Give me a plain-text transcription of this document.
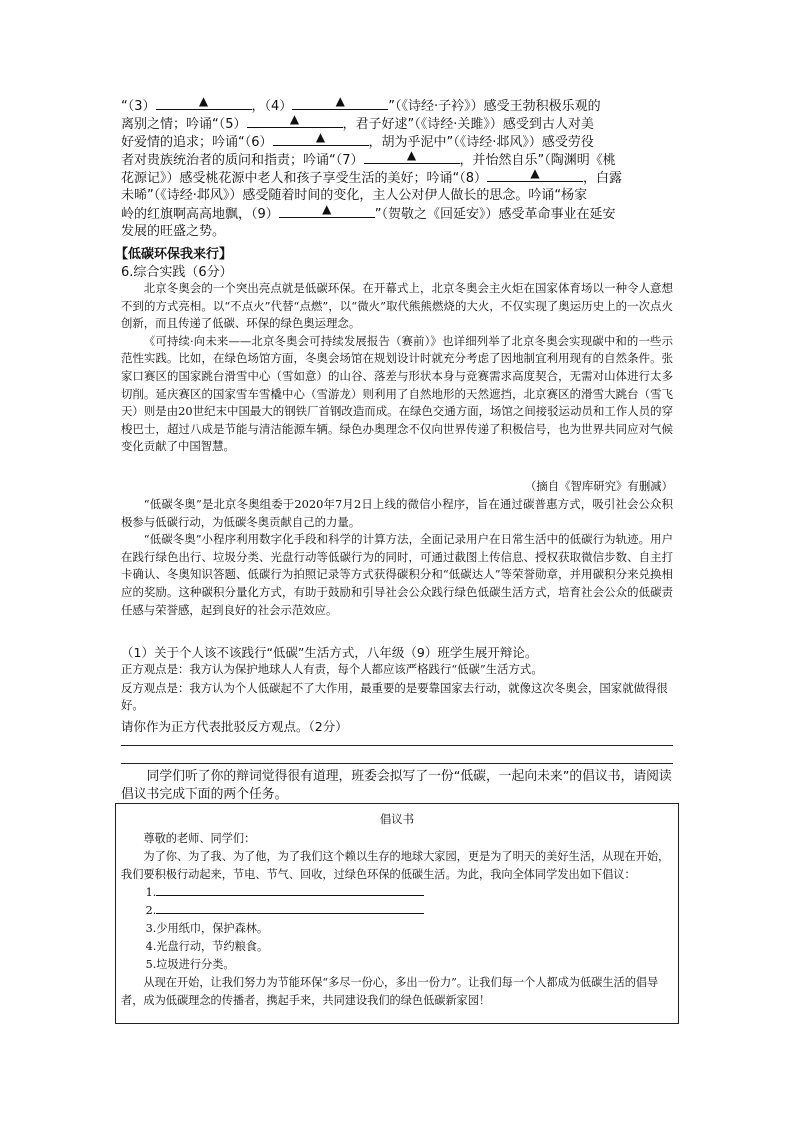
“（3）	▲	，（4）	▲	”（《诗经·子衿》）感受王勃积极乐观的
离别之情；吟诵“（5）	▲	，君子好逑”（《诗经·关雎》）感受到古人对美
好爱情的追求；吟诵“（6）	▲	，胡为乎泥中”（《诗经·邶风》）感受劳役
者对贵族统治者的质问和指责；吟诵“（7）	▲	，并怡然自乐”（陶渊明《桃
花源记》）感受桃花源中老人和孩子享受生活的美好；吟诵“（8）	▲	，白露
未晞”（《诗经·邶风》）感受随着时间的变化，主人公对伊人做长的思念。吟诵“杨家
岭的红旗啊高高地飘，（9）	▲	”（贺敬之《回延安》）感受革命事业在延安
发展的旺盛之势。
【低碳环保我来行】
6.综合实践（6分）

北京冬奥会的一个突出亮点就是低碳环保。在开幕式上，北京冬奥会主火炬在国家体育场以一种令人意想不到的方式亮相。以“不点火”代替“点燃”，以“微火”取代熊熊燃烧的大火，不仅实现了奥运历史上的一次点火创新，而且传递了低碳、环保的绿色奥运理念。

《可持续·向未来——北京冬奥会可持续发展报告（赛前）》也详细列举了北京冬奥会实现碳中和的一些示范性实践。比如，在绿色场馆方面，冬奥会场馆在规划设计时就充分考虑了因地制宜利用现有的自然条件。张家口赛区的国家跳台滑雪中心（雪如意）的山谷、落差与形状本身与竞赛需求高度契合，无需对山体进行太多切削。延庆赛区的国家雪车雪橇中心（雪游龙）则利用了自然地形的天然遮挡，北京赛区的滑雪大跳台（雪飞天）则是由20世纪末中国最大的钢铁厂首钢改造而成。在绿色交通方面，场馆之间接驳运动员和工作人员的穿梭巴士，超过八成是节能与清洁能源车辆。绿色办奥理念不仅向世界传递了积极信号，也为世界共同应对气候变化贡献了中国智慧。

（摘自《智库研究》有删减）

“低碳冬奥”是北京冬奥组委于2020年7月2日上线的微信小程序，旨在通过碳普惠方式，吸引社会公众积极参与低碳行动，为低碳冬奥贡献自己的力量。

“低碳冬奥”小程序利用数字化手段和科学的计算方法，全面记录用户在日常生活中的低碳行为轨迹。用户在践行绿色出行、垃圾分类、光盘行动等低碳行为的同时，可通过截图上传信息、授权获取微信步数、自主打卡确认、冬奥知识答题、低碳行为拍照记录等方式获得碳积分和“低碳达人”等荣誉勋章，并用碳积分来兑换相应的奖励。这种碳积分量化方式，有助于鼓励和引导社会公众践行绿色低碳生活方式，培育社会公众的低碳责任感与荣誉感，起到良好的社会示范效应。

（1）关于个人该不该践行“低碳”生活方式，八年级（9）班学生展开辩论。
正方观点是：我方认为保护地球人人有责，每个人都应该严格践行“低碳”生活方式。
反方观点是：我方认为个人低碳起不了大作用，最重要的是要靠国家去行动，就像这次冬奥会，国家就做得很好。
请你作为正方代表批驳反方观点。（2分）
同学们听了你的辩词觉得很有道理，班委会拟写了一份“低碳，一起向未来”的倡议书，请阅读倡议书完成下面的两个任务。
倡议书

尊敬的老师、同学们：

为了你、为了我、为了他，为了我们这个赖以生存的地球大家园，更是为了明天的美好生活，从现在开始，我们要积极行动起来，节电、节气、回收，过绿色环保的低碳生活。为此，我向全体同学发出如下倡议：

1.

2.

3.少用纸巾，保护森林。

4.光盘行动，节约粮食。

5.垃圾进行分类。

从现在开始，让我们努力为节能环保“多尽一份心，多出一份力”。让我们每一个人都成为低碳生活的倡导者，成为低碳理念的传播者，携起手来，共同建设我们的绿色低碳新家园！
